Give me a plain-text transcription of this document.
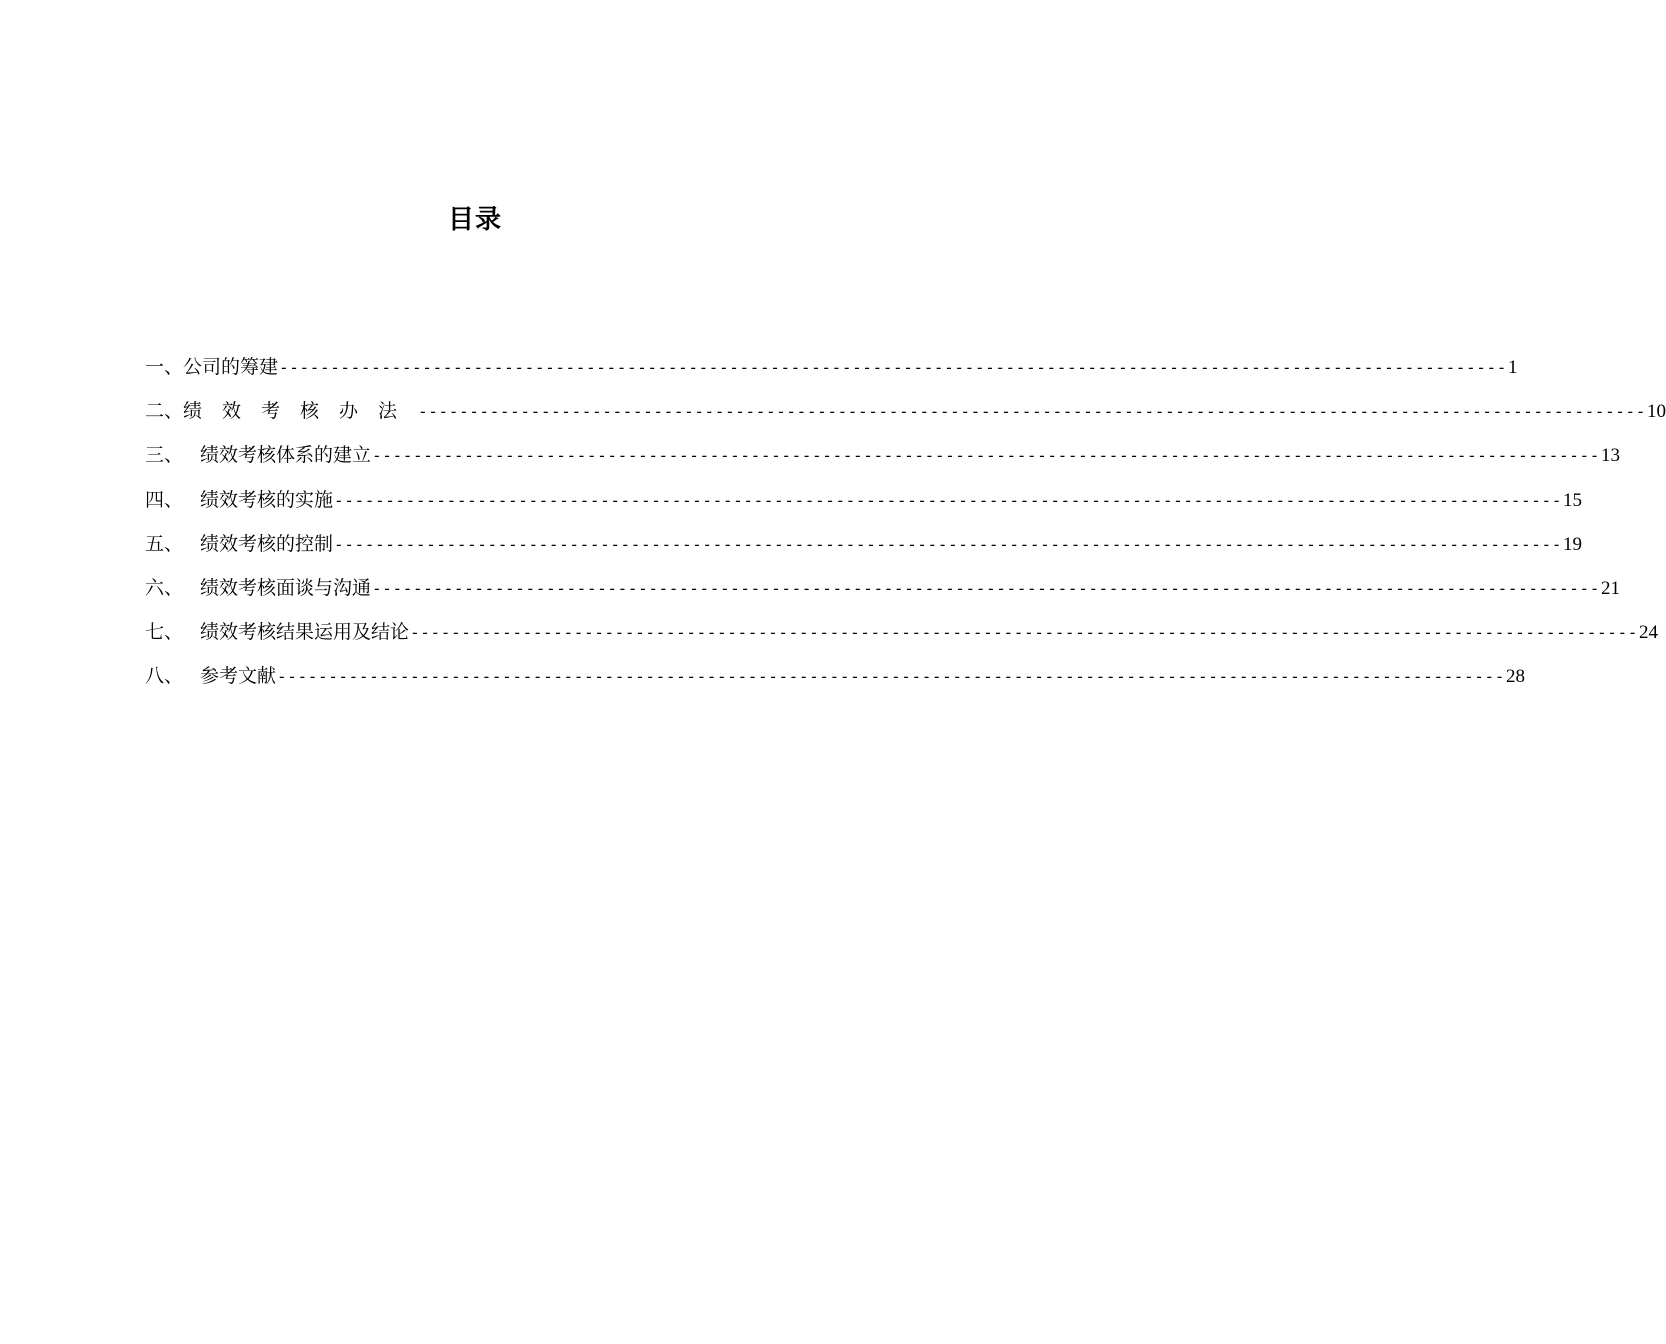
目录
一、 公司的筹建 ------------------------------------------------------------------------------------------------------------------------ 1
二、 绩效考核办法 ------------------------------------------------------------------------------------------------------------------------ 10
三、 绩效考核体系的建立 ------------------------------------------------------------------------------------------------------------------------ 13
四、 绩效考核的实施 ------------------------------------------------------------------------------------------------------------------------ 15
五、 绩效考核的控制 ------------------------------------------------------------------------------------------------------------------------ 19
六、 绩效考核面谈与沟通 ------------------------------------------------------------------------------------------------------------------------ 21
七、 绩效考核结果运用及结论 ------------------------------------------------------------------------------------------------------------------------ 24
八、 参考文献 ------------------------------------------------------------------------------------------------------------------------ 28
